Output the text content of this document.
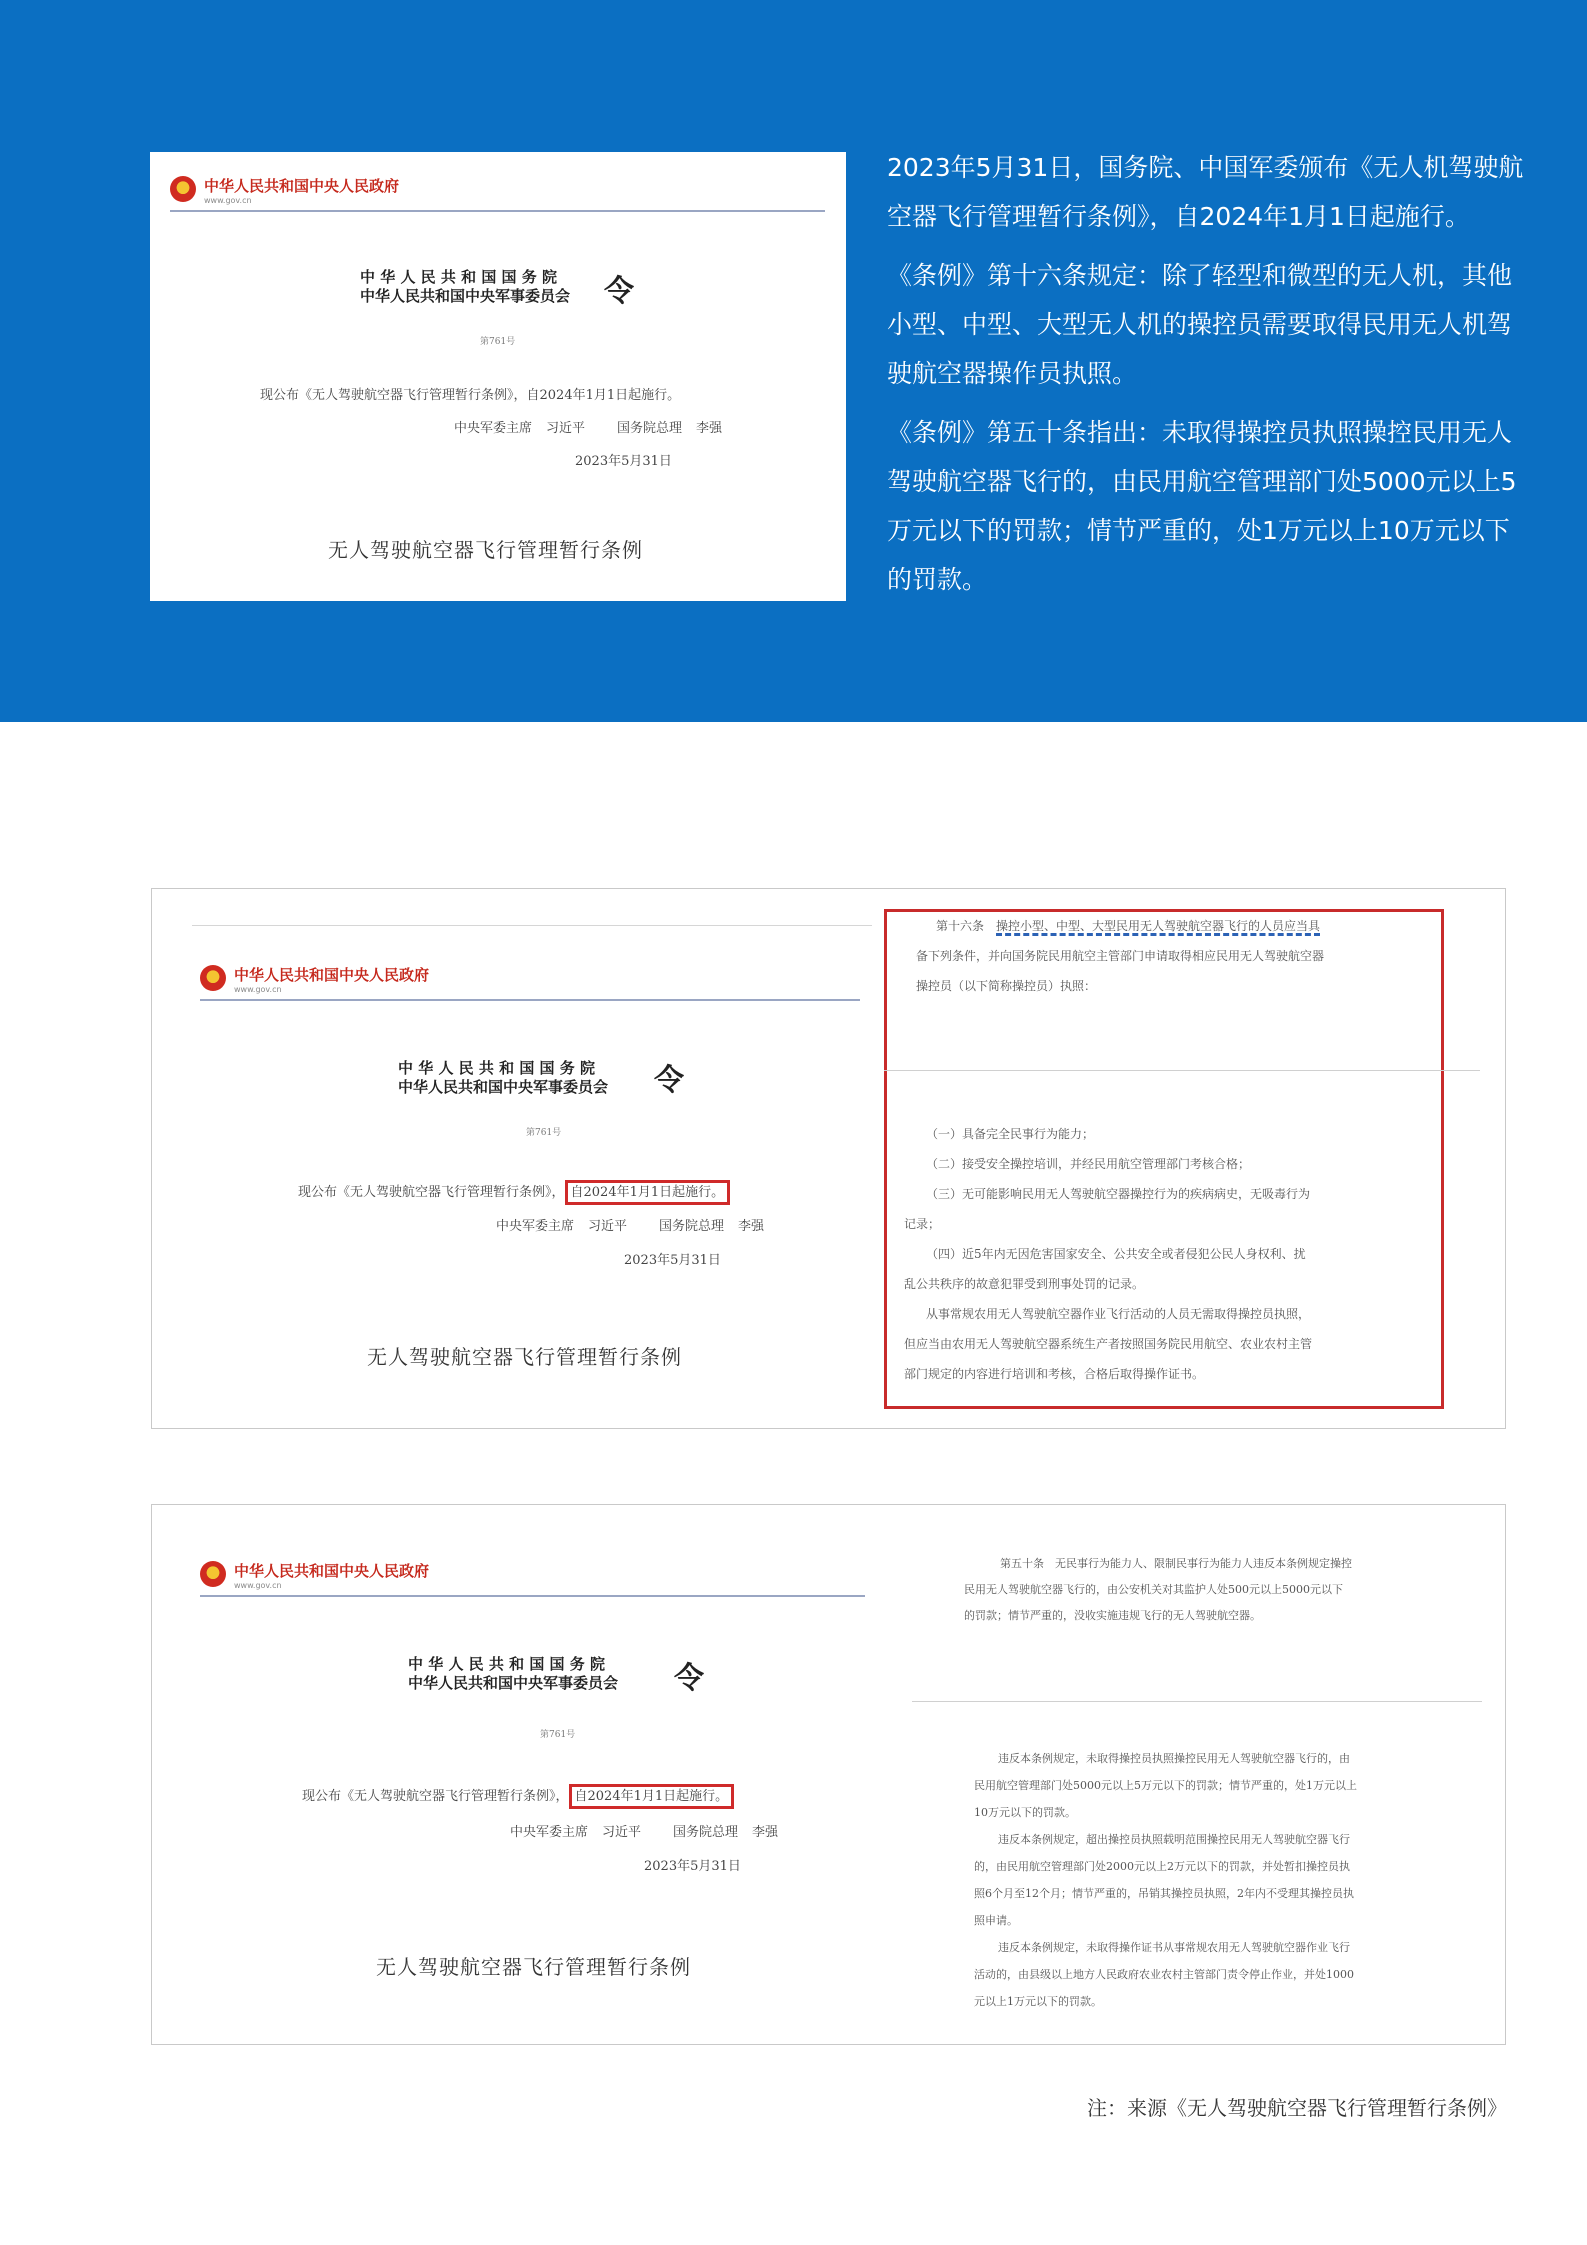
中华人民共和国中央人民政府
www.gov.cn
中 华 人 民 共 和 国 国 务 院
中华人民共和国中央军事委员会 令
第761号
现公布《无人驾驶航空器飞行管理暂行条例》，自2024年1月1日起施行。
中央军委主席 习近平 国务院总理 李强
2023年5月31日
无人驾驶航空器飞行管理暂行条例

2023年5月31日，国务院、中国军委颁布《无人机驾驶航空器飞行管理暂行条例》，自2024年1月1日起施行。

《条例》第十六条规定：除了轻型和微型的无人机，其他小型、中型、大型无人机的操控员需要取得民用无人机驾驶航空器操作员执照。

《条例》第五十条指出：未取得操控员执照操控民用无人驾驶航空器飞行的，由民用航空管理部门处5000元以上5万元以下的罚款；情节严重的，处1万元以上10万元以下的罚款。

中华人民共和国中央人民政府
www.gov.cn
中 华 人 民 共 和 国 国 务 院
中华人民共和国中央军事委员会 令
第761号
现公布《无人驾驶航空器飞行管理暂行条例》， 自2024年1月1日起施行。
中央军委主席 习近平 国务院总理 李强
2023年5月31日
无人驾驶航空器飞行管理暂行条例
第十六条　 操控小型、中型、大型民用无人驾驶航空器飞行的人员应当具
备下列条件，并向国务院民用航空主管部门申请取得相应民用无人驾驶航空器
操控员（以下简称操控员）执照：
（一）具备完全民事行为能力；
（二）接受安全操控培训，并经民用航空管理部门考核合格；
（三）无可能影响民用无人驾驶航空器操控行为的疾病病史，无吸毒行为
记录；
（四）近5年内无因危害国家安全、公共安全或者侵犯公民人身权利、扰
乱公共秩序的故意犯罪受到刑事处罚的记录。
从事常规农用无人驾驶航空器作业飞行活动的人员无需取得操控员执照，
但应当由农用无人驾驶航空器系统生产者按照国务院民用航空、农业农村主管
部门规定的内容进行培训和考核，合格后取得操作证书。
中华人民共和国中央人民政府
www.gov.cn
中 华 人 民 共 和 国 国 务 院
中华人民共和国中央军事委员会 令
第761号
现公布《无人驾驶航空器飞行管理暂行条例》， 自2024年1月1日起施行。
中央军委主席 习近平 国务院总理 李强
2023年5月31日
无人驾驶航空器飞行管理暂行条例
第五十条　无民事行为能力人、限制民事行为能力人违反本条例规定操控
民用无人驾驶航空器飞行的，由公安机关对其监护人处500元以上5000元以下
的罚款；情节严重的，没收实施违规飞行的无人驾驶航空器。
违反本条例规定，未取得操控员执照操控民用无人驾驶航空器飞行的，由
民用航空管理部门处5000元以上5万元以下的罚款；情节严重的，处1万元以上
10万元以下的罚款。
违反本条例规定，超出操控员执照载明范围操控民用无人驾驶航空器飞行
的，由民用航空管理部门处2000元以上2万元以下的罚款，并处暂扣操控员执
照6个月至12个月；情节严重的，吊销其操控员执照，2年内不受理其操控员执
照申请。
违反本条例规定，未取得操作证书从事常规农用无人驾驶航空器作业飞行
活动的，由县级以上地方人民政府农业农村主管部门责令停止作业，并处1000
元以上1万元以下的罚款。
注：来源《无人驾驶航空器飞行管理暂行条例》
